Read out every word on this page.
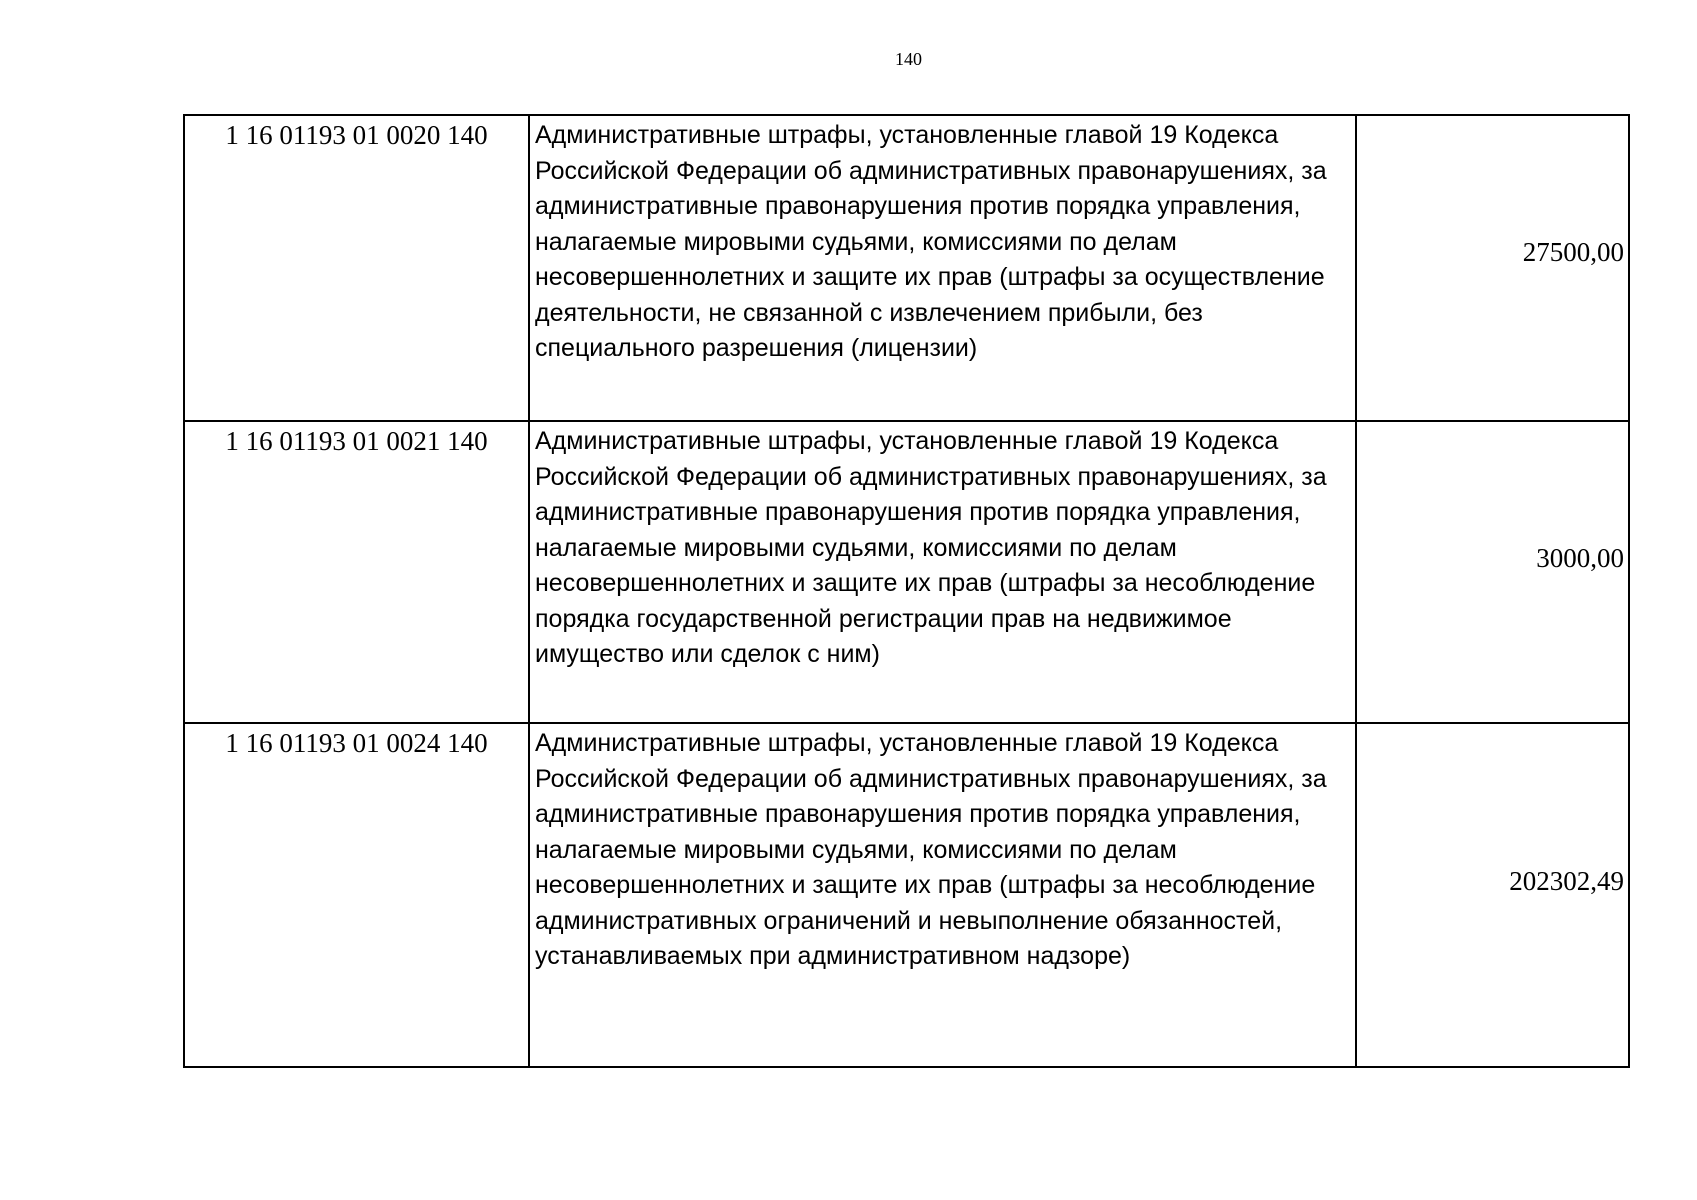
140
1 16 01193 01 0020 140	Административные штрафы, установленные главой 19 Кодекса Российской Федерации об административных правонарушениях, за административные правонарушения против порядка управления, налагаемые мировыми судьями, комиссиями по делам несовершеннолетних и защите их прав (штрафы за осуществление деятельности, не связанной с извлечением прибыли, без специального разрешения (лицензии)	27500,00
1 16 01193 01 0021 140	Административные штрафы, установленные главой 19 Кодекса Российской Федерации об административных правонарушениях, за административные правонарушения против порядка управления, налагаемые мировыми судьями, комиссиями по делам несовершеннолетних и защите их прав (штрафы за несоблюдение порядка государственной регистрации прав на недвижимое имущество или сделок с ним)	3000,00
1 16 01193 01 0024 140	Административные штрафы, установленные главой 19 Кодекса Российской Федерации об административных правонарушениях, за административные правонарушения против порядка управления, налагаемые мировыми судьями, комиссиями по делам несовершеннолетних и защите их прав (штрафы за несоблюдение административных ограничений и невыполнение обязанностей, устанавливаемых при административном надзоре)	202302,49
